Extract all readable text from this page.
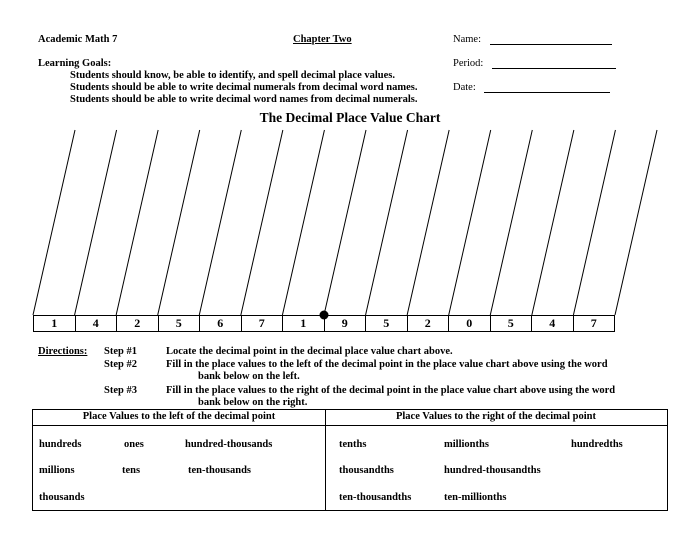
Academic Math 7	Chapter Two	Name:
Period:
Date:
Learning Goals:
Students should know, be able to identify, and spell decimal place values.
Students should be able to write decimal numerals from decimal word names.
Students should be able to write decimal word names from decimal numerals.
The Decimal Place Value Chart
1	4	2	5	6	7	1	9	5	2	0	5	4	7
Directions: Step #1	Locate the decimal point in the decimal place value chart above.
Step #2	Fill in the place values to the left of the decimal point in the place value chart above using the word
bank below on the left.
Step #3	Fill in the place values to the right of the decimal point in the place value chart above using the word
bank below on the right.
Place Values to the left of the decimal point	Place Values to the right of the decimal point
hundreds	ones	hundred-thousands
millions	tens	ten-thousands
thousands
tenths	millionths	hundredths
thousandths	hundred-thousandths
ten-thousandths	ten-millionths
